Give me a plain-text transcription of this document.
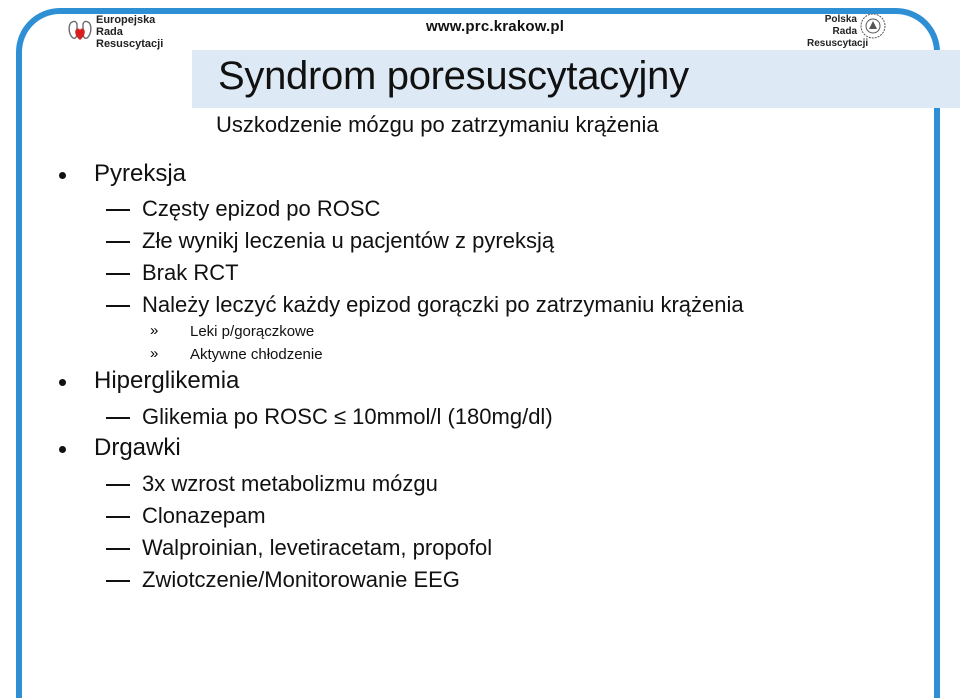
Europejska
Rada
Resuscytacji
www.prc.krakow.pl	Polska
Rada
Resuscytacji
Syndrom poresuscytacyjny
Uszkodzenie mózgu po zatrzymaniu krążenia
Pyreksja
Częsty epizod po ROSC
Złe wynikj leczenia u pacjentów z pyreksją
Brak RCT
Należy leczyć każdy epizod gorączki po zatrzymaniu krążenia
» Leki p/gorączkowe
» Aktywne chłodzenie
Hiperglikemia
Glikemia po ROSC ≤ 10mmol/l (180mg/dl)
Drgawki
3x wzrost metabolizmu mózgu
Clonazepam
Walproinian, levetiracetam, propofol
Zwiotczenie/Monitorowanie EEG
